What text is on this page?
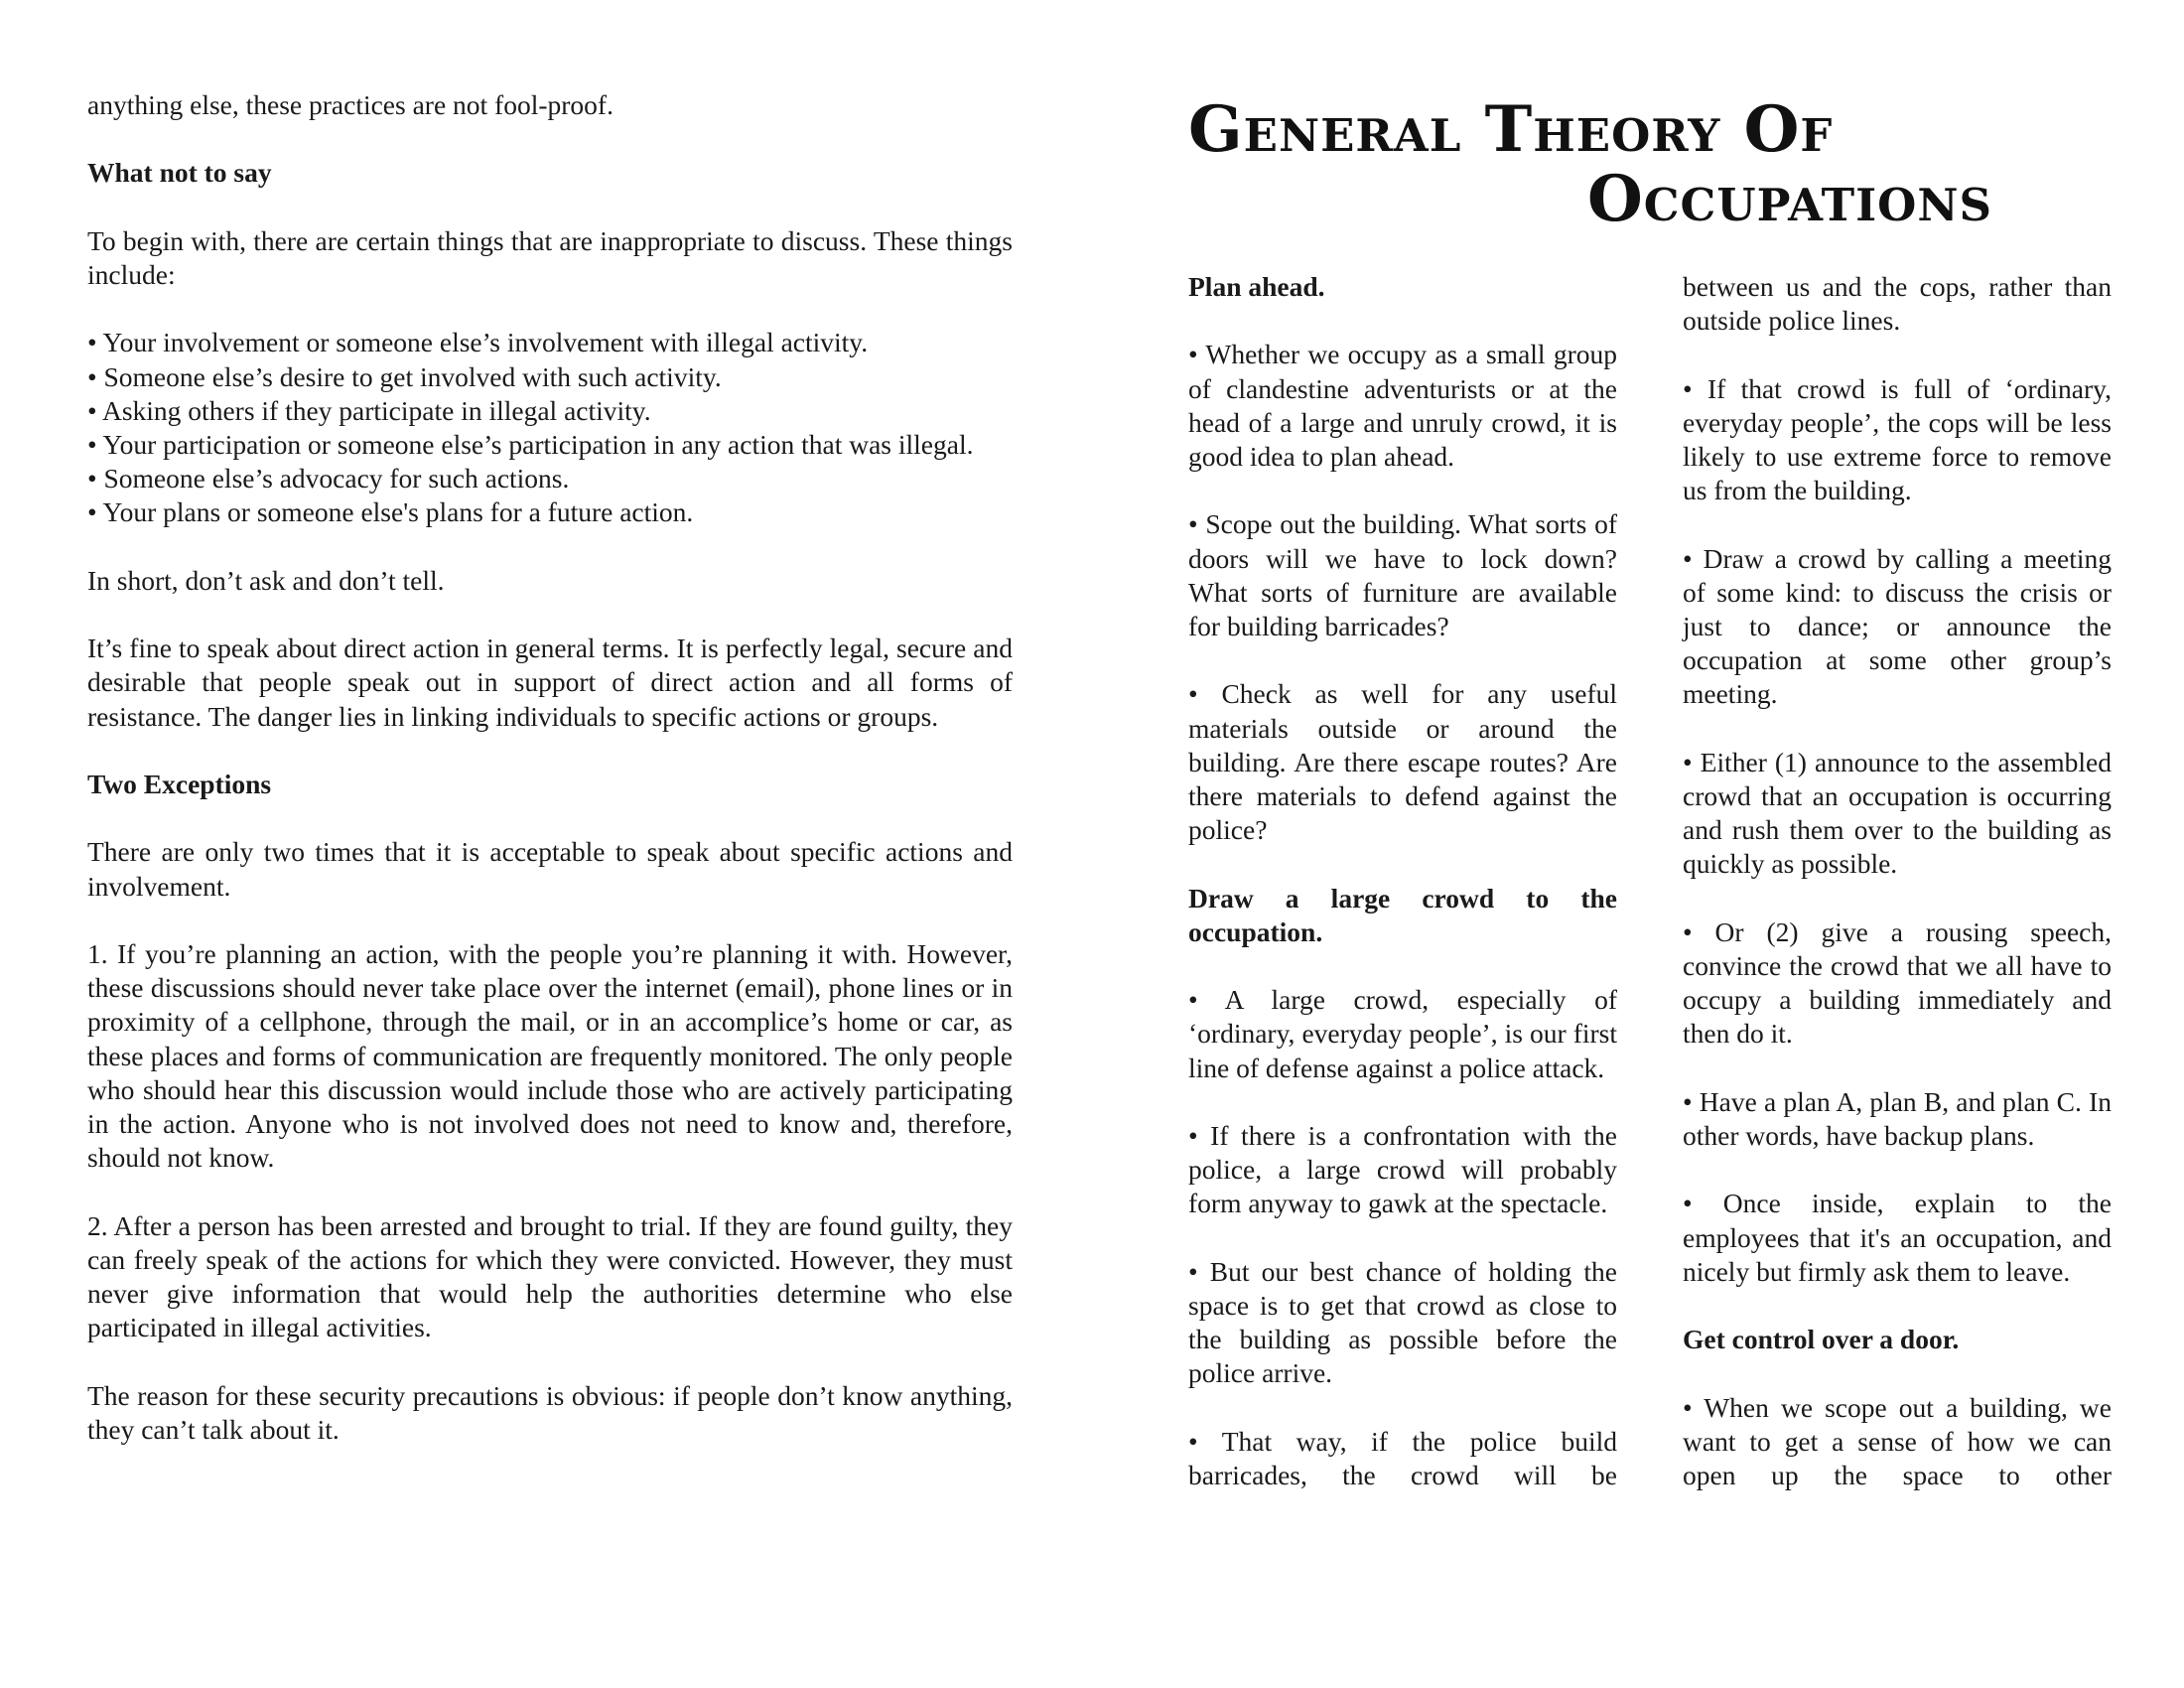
anything else, these practices are not fool-proof.

What not to say

To begin with, there are certain things that are inappropriate to discuss. These things include:

• Your involvement or someone else’s involvement with illegal activity.

• Someone else’s desire to get involved with such activity.

• Asking others if they participate in illegal activity.

• Your participation or someone else’s participation in any action that was illegal.

• Someone else’s advocacy for such actions.

• Your plans or someone else's plans for a future action.

In short, don’t ask and don’t tell.

It’s fine to speak about direct action in general terms. It is perfectly legal, secure and desirable that people speak out in support of direct action and all forms of resistance. The danger lies in linking individuals to specific actions or groups.

Two Exceptions

There are only two times that it is acceptable to speak about specific actions and involvement.

1. If you’re planning an action, with the people you’re planning it with. However, these discussions should never take place over the internet (email), phone lines or in proximity of a cellphone, through the mail, or in an accomplice’s home or car, as these places and forms of communication are frequently monitored. The only people who should hear this discussion would include those who are actively participating in the action. Anyone who is not involved does not need to know and, therefore, should not know.

2. After a person has been arrested and brought to trial. If they are found guilty, they can freely speak of the actions for which they were convicted. However, they must never give information that would help the authorities determine who else participated in illegal activities.

The reason for these security precautions is obvious: if people don’t know anything, they can’t talk about it.

General Theory Of
Occupations

Plan ahead.

• Whether we occupy as a small group of clandestine adventurists or at the head of a large and unruly crowd, it is good idea to plan ahead.

• Scope out the building. What sorts of doors will we have to lock down? What sorts of furniture are available for building barricades?

• Check as well for any useful materials outside or around the building. Are there escape routes? Are there materials to defend against the police?

Draw a large crowd to the occupation.

• A large crowd, especially of ‘ordinary, everyday people’, is our first line of defense against a police attack.

• If there is a confrontation with the police, a large crowd will probably form anyway to gawk at the spectacle.

• But our best chance of holding the space is to get that crowd as close to the building as possible before the police arrive.

• That way, if the police build barricades, the crowd will be

between us and the cops, rather than outside police lines.

• If that crowd is full of ‘ordinary, everyday people’, the cops will be less likely to use extreme force to remove us from the building.

• Draw a crowd by calling a meeting of some kind: to discuss the crisis or just to dance; or announce the occupation at some other group’s meeting.

• Either (1) announce to the assembled crowd that an occupation is occurring and rush them over to the building as quickly as possible.

• Or (2) give a rousing speech, convince the crowd that we all have to occupy a building immediately and then do it.

• Have a plan A, plan B, and plan C. In other words, have backup plans.

• Once inside, explain to the employees that it's an occupation, and nicely but firmly ask them to leave.

Get control over a door.

• When we scope out a building, we want to get a sense of how we can open up the space to other
